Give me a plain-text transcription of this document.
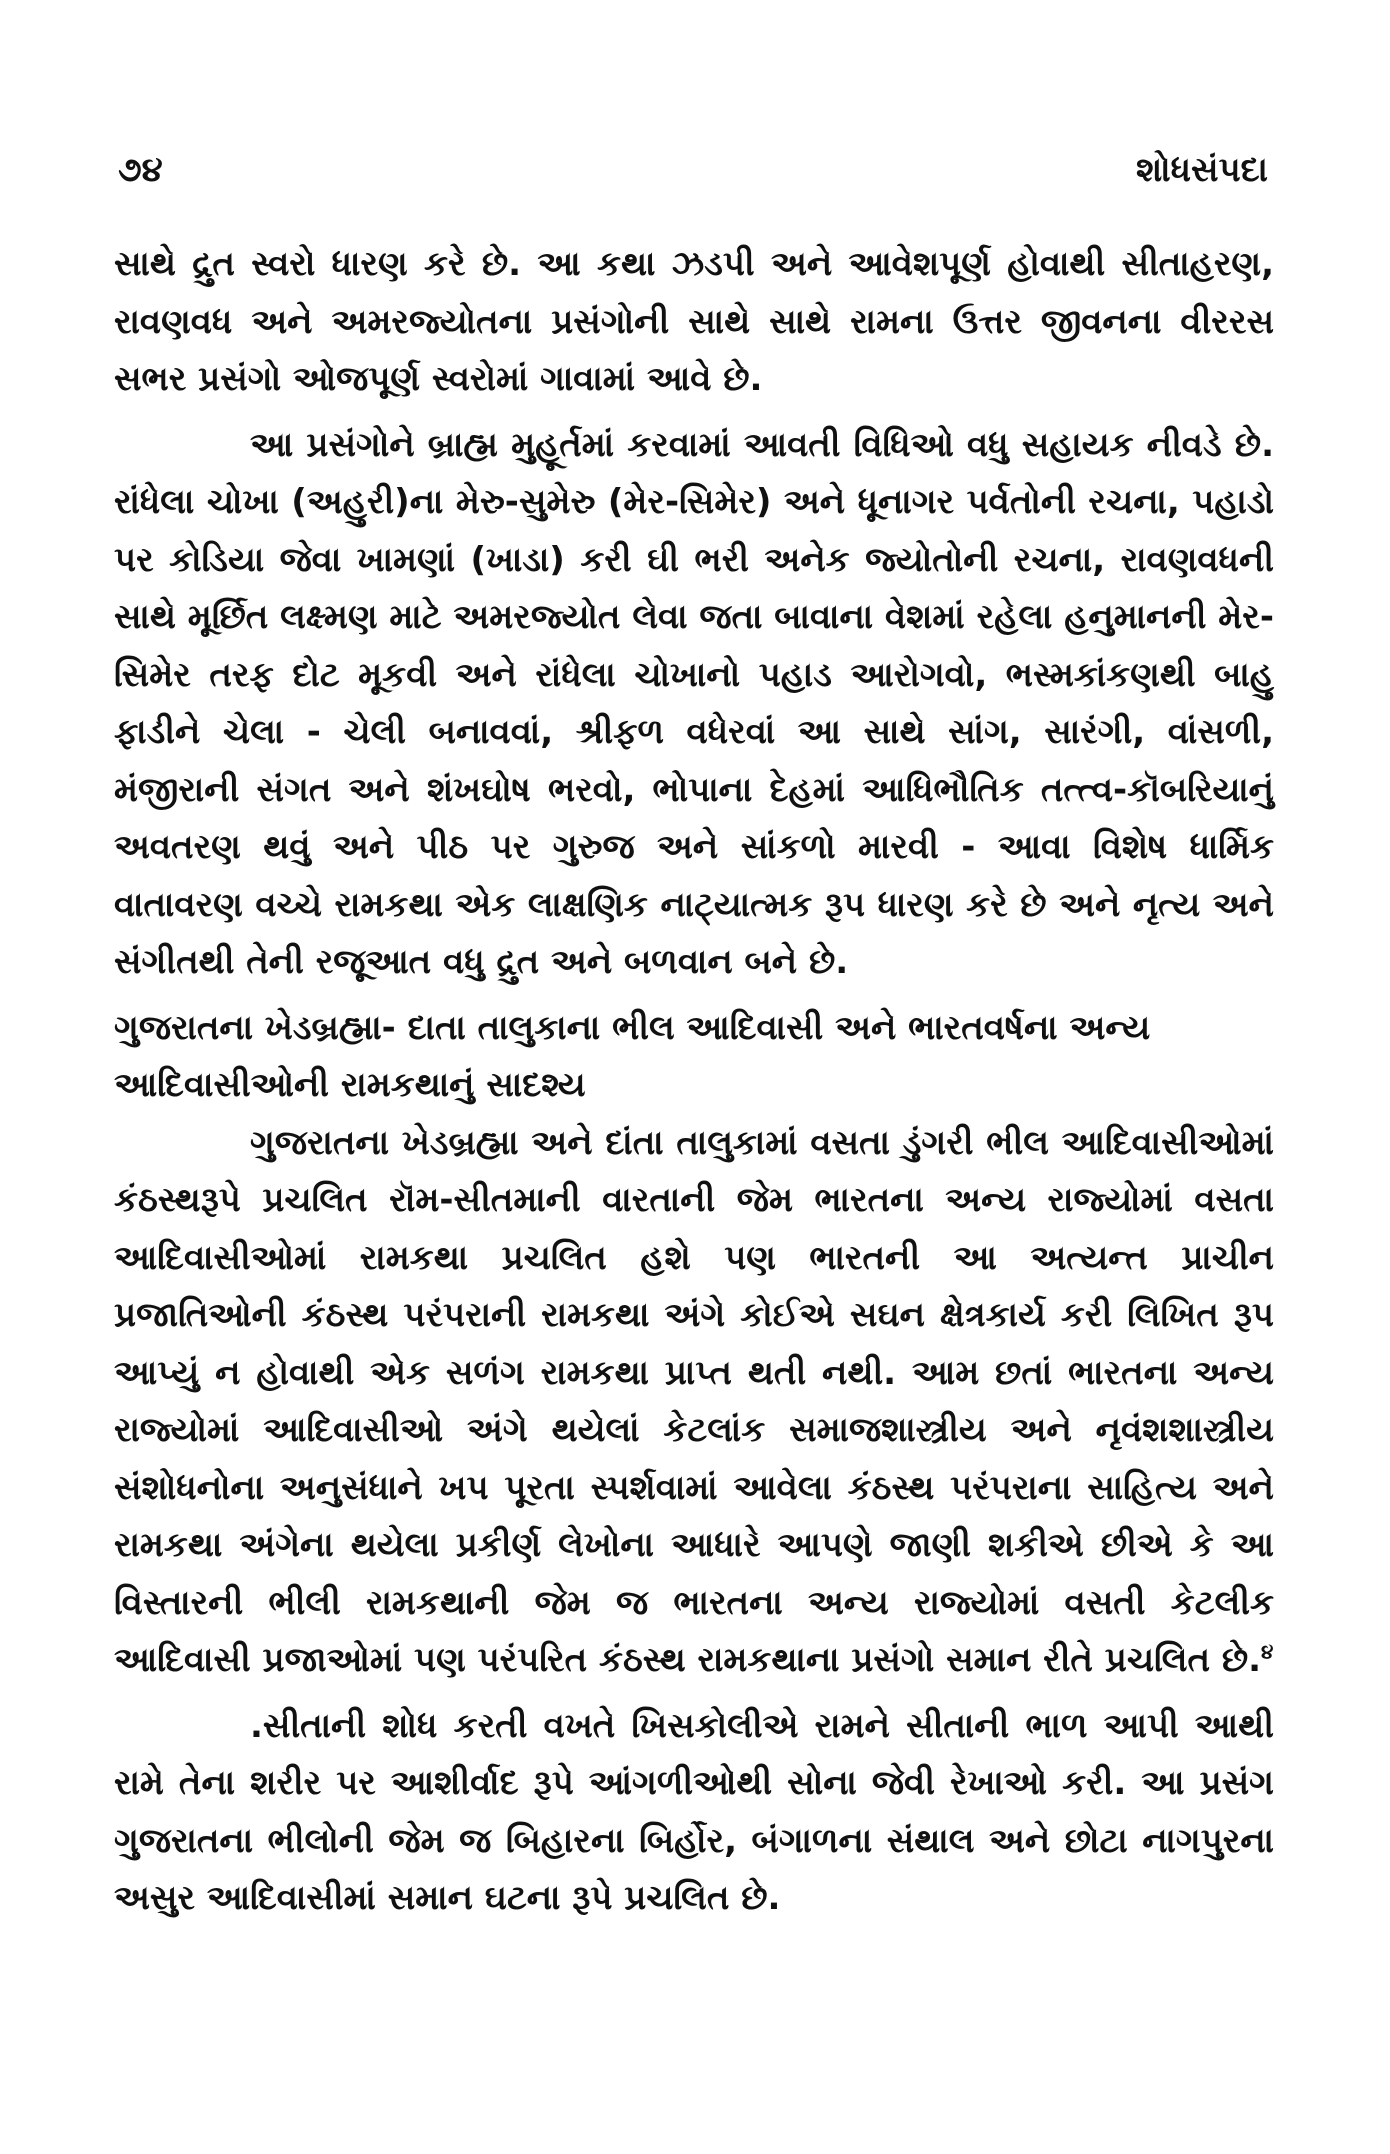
૭૪	શોધસંપદા

સાથે દ્રુત સ્વરો ધારણ કરે છે. આ કથા ઝડપી અને આવેશપૂર્ણ હોવાથી સીતાહરણ, રાવણવધ અને અમરજ્યોતના પ્રસંગોની સાથે સાથે રામના ઉત્તર જીવનના વીરરસ સભર પ્રસંગો ઓજપૂર્ણ સ્વરોમાં ગાવામાં આવે છે.

આ પ્રસંગોને બ્રાહ્મ મુહૂર્તમાં કરવામાં આવતી વિધિઓ વધુ સહાયક નીવડે છે. રાંધેલા ચોખા (અહુરી)ના મેરુ-સુમેરુ (મેર-સિમેર) અને ધૂનાગર પર્વતોની રચના, પહાડો પર કોડિયા જેવા ખામણાં (ખાડા) કરી ઘી ભરી અનેક જ્યોતોની રચના, રાવણવધની સાથે મૂર્છિત લક્ષ્મણ માટે અમરજ્યોત લેવા જતા બાવાના વેશમાં રહેલા હનુમાનની મેર-સિમેર તરફ દોટ મૂકવી અને રાંધેલા ચોખાનો પહાડ આરોગવો, ભસ્મકાંકણથી બાહુ ફાડીને ચેલા - ચેલી બનાવવાં, શ્રીફળ વધેરવાં આ સાથે સાંગ, સારંગી, વાંસળી, મંજીરાની સંગત અને શંખઘોષ ભરવો, ભોપાના દેહમાં આધિભૌતિક તત્ત્વ-કૉબરિયાનું અવતરણ થવું અને પીઠ પર ગુરુજ અને સાંકળો મારવી - આવા વિશેષ ધાર્મિક વાતાવરણ વચ્ચે રામકથા એક લાક્ષણિક નાટ્યાત્મક રૂપ ધારણ કરે છે અને નૃત્ય અને સંગીતથી તેની રજૂઆત વધુ દ્રુત અને બળવાન બને છે.

ગુજરાતના ખેડબ્રહ્મા- દાતા તાલુકાના ભીલ આદિવાસી અને ભારતવર્ષના અન્ય આદિવાસીઓની રામકથાનું સાદશ્ય

ગુજરાતના ખેડબ્રહ્મા અને દાંતા તાલુકામાં વસતા ડુંગરી ભીલ આદિવાસીઓમાં કંઠસ્થરૂપે પ્રચલિત રૉમ-સીતમાની વારતાની જેમ ભારતના અન્ય રાજ્યોમાં વસતા આદિવાસીઓમાં રામકથા પ્રચલિત હશે પણ ભારતની આ અત્યન્ત પ્રાચીન પ્રજાતિઓની કંઠસ્થ પરંપરાની રામકથા અંગે કોઈએ સઘન ક્ષેત્રકાર્ય કરી લિખિત રૂપ આપ્યું ન હોવાથી એક સળંગ રામકથા પ્રાપ્ત થતી નથી. આમ છતાં ભારતના અન્ય રાજ્યોમાં આદિવાસીઓ અંગે થયેલાં કેટલાંક સમાજશાસ્ત્રીય અને નૃવંશશાસ્ત્રીય સંશોધનોના અનુસંધાને ખપ પૂરતા સ્પર્શવામાં આવેલા કંઠસ્થ પરંપરાના સાહિત્ય અને રામકથા અંગેના થયેલા પ્રકીર્ણ લેખોના આધારે આપણે જાણી શકીએ છીએ કે આ વિસ્તારની ભીલી રામકથાની જેમ જ ભારતના અન્ય રાજ્યોમાં વસતી કેટલીક આદિવાસી પ્રજાઓમાં પણ પરંપરિત કંઠસ્થ રામકથાના પ્રસંગો સમાન રીતે પ્રચલિત છે.$^૪$

.સીતાની શોધ કરતી વખતે ખિસકોલીએ રામને સીતાની ભાળ આપી આથી રામે તેના શરીર પર આશીર્વાદ રૂપે આંગળીઓથી સોના જેવી રેખાઓ કરી. આ પ્રસંગ ગુજરાતના ભીલોની જેમ જ બિહારના બિર્હોર, બંગાળના સંથાલ અને છોટા નાગપુરના અસુર આદિવાસીમાં સમાન ઘટના રૂપે પ્રચલિત છે.
